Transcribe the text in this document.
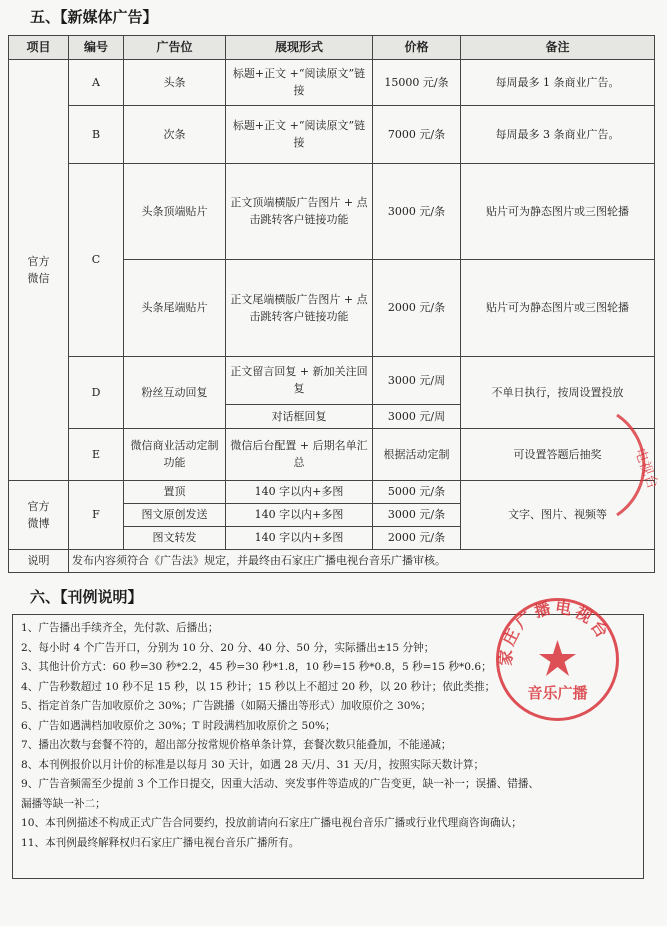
五、【新媒体广告】
项目	编号	广告位	展现形式	价格	备注
官方微信	A	头条	标题+正文 +“阅读原文”链接	15000 元/条	每周最多 1 条商业广告。
	B	次条	标题+正文 +“阅读原文”链接	7000 元/条	每周最多 3 条商业广告。
	C	头条顶端贴片	正文顶端横版广告图片 + 点击跳转客户链接功能	3000 元/条	贴片可为静态图片或三图轮播
		头条尾端贴片	正文尾端横版广告图片 + 点击跳转客户链接功能	2000 元/条	贴片可为静态图片或三图轮播
	D	粉丝互动回复	正文留言回复 + 新加关注回复	3000 元/周	不单日执行，按周设置投放
			对话框回复	3000 元/周	
	E	微信商业活动定制功能	微信后台配置 + 后期名单汇总	根据活动定制	可设置答题后抽奖
官方微博	F	置顶	140 字以内+多图	5000 元/条	文字、图片、视频等
		图文原创发送	140 字以内+多图	3000 元/条	
		图文转发	140 字以内+多图	2000 元/条	
说明	发布内容须符合《广告法》规定，并最终由石家庄广播电视台音乐广播审核。				
六、【刊例说明】
1、广告播出手续齐全，先付款、后播出；
2、每小时 4 个广告开口，分别为 10 分、20 分、40 分、50 分，实际播出±15 分钟；
3、其他计价方式：60 秒=30 秒*2.2，45 秒=30 秒*1.8，10 秒=15 秒*0.8，5 秒=15 秒*0.6；
4、广告秒数超过 10 秒不足 15 秒，以 15 秒计；15 秒以上不超过 20 秒，以 20 秒计；依此类推；
5、指定首条广告加收原价之 30%；广告跳播（如隔天播出等形式）加收原价之 30%；
6、广告如遇满档加收原价之 30%；T 时段满档加收原价之 50%；
7、播出次数与套餐不符的，超出部分按常规价格单条计算，套餐次数只能叠加，不能递减；
8、本刊例报价以月计价的标准是以每月 30 天计，如遇 28 天/月、31 天/月，按照实际天数计算；
9、广告音频需至少提前 3 个工作日提交，因重大活动、突发事件等造成的广告变更，缺一补一；误播、错播、
漏播等缺一补二；
10、本刊例描述不构成正式广告合同要约，投放前请向石家庄广播电视台音乐广播或行业代理商咨询确认；
11、本刊例最终解释权归石家庄广播电视台音乐广播所有。
家庄广播电视台
音乐广播
电视台
